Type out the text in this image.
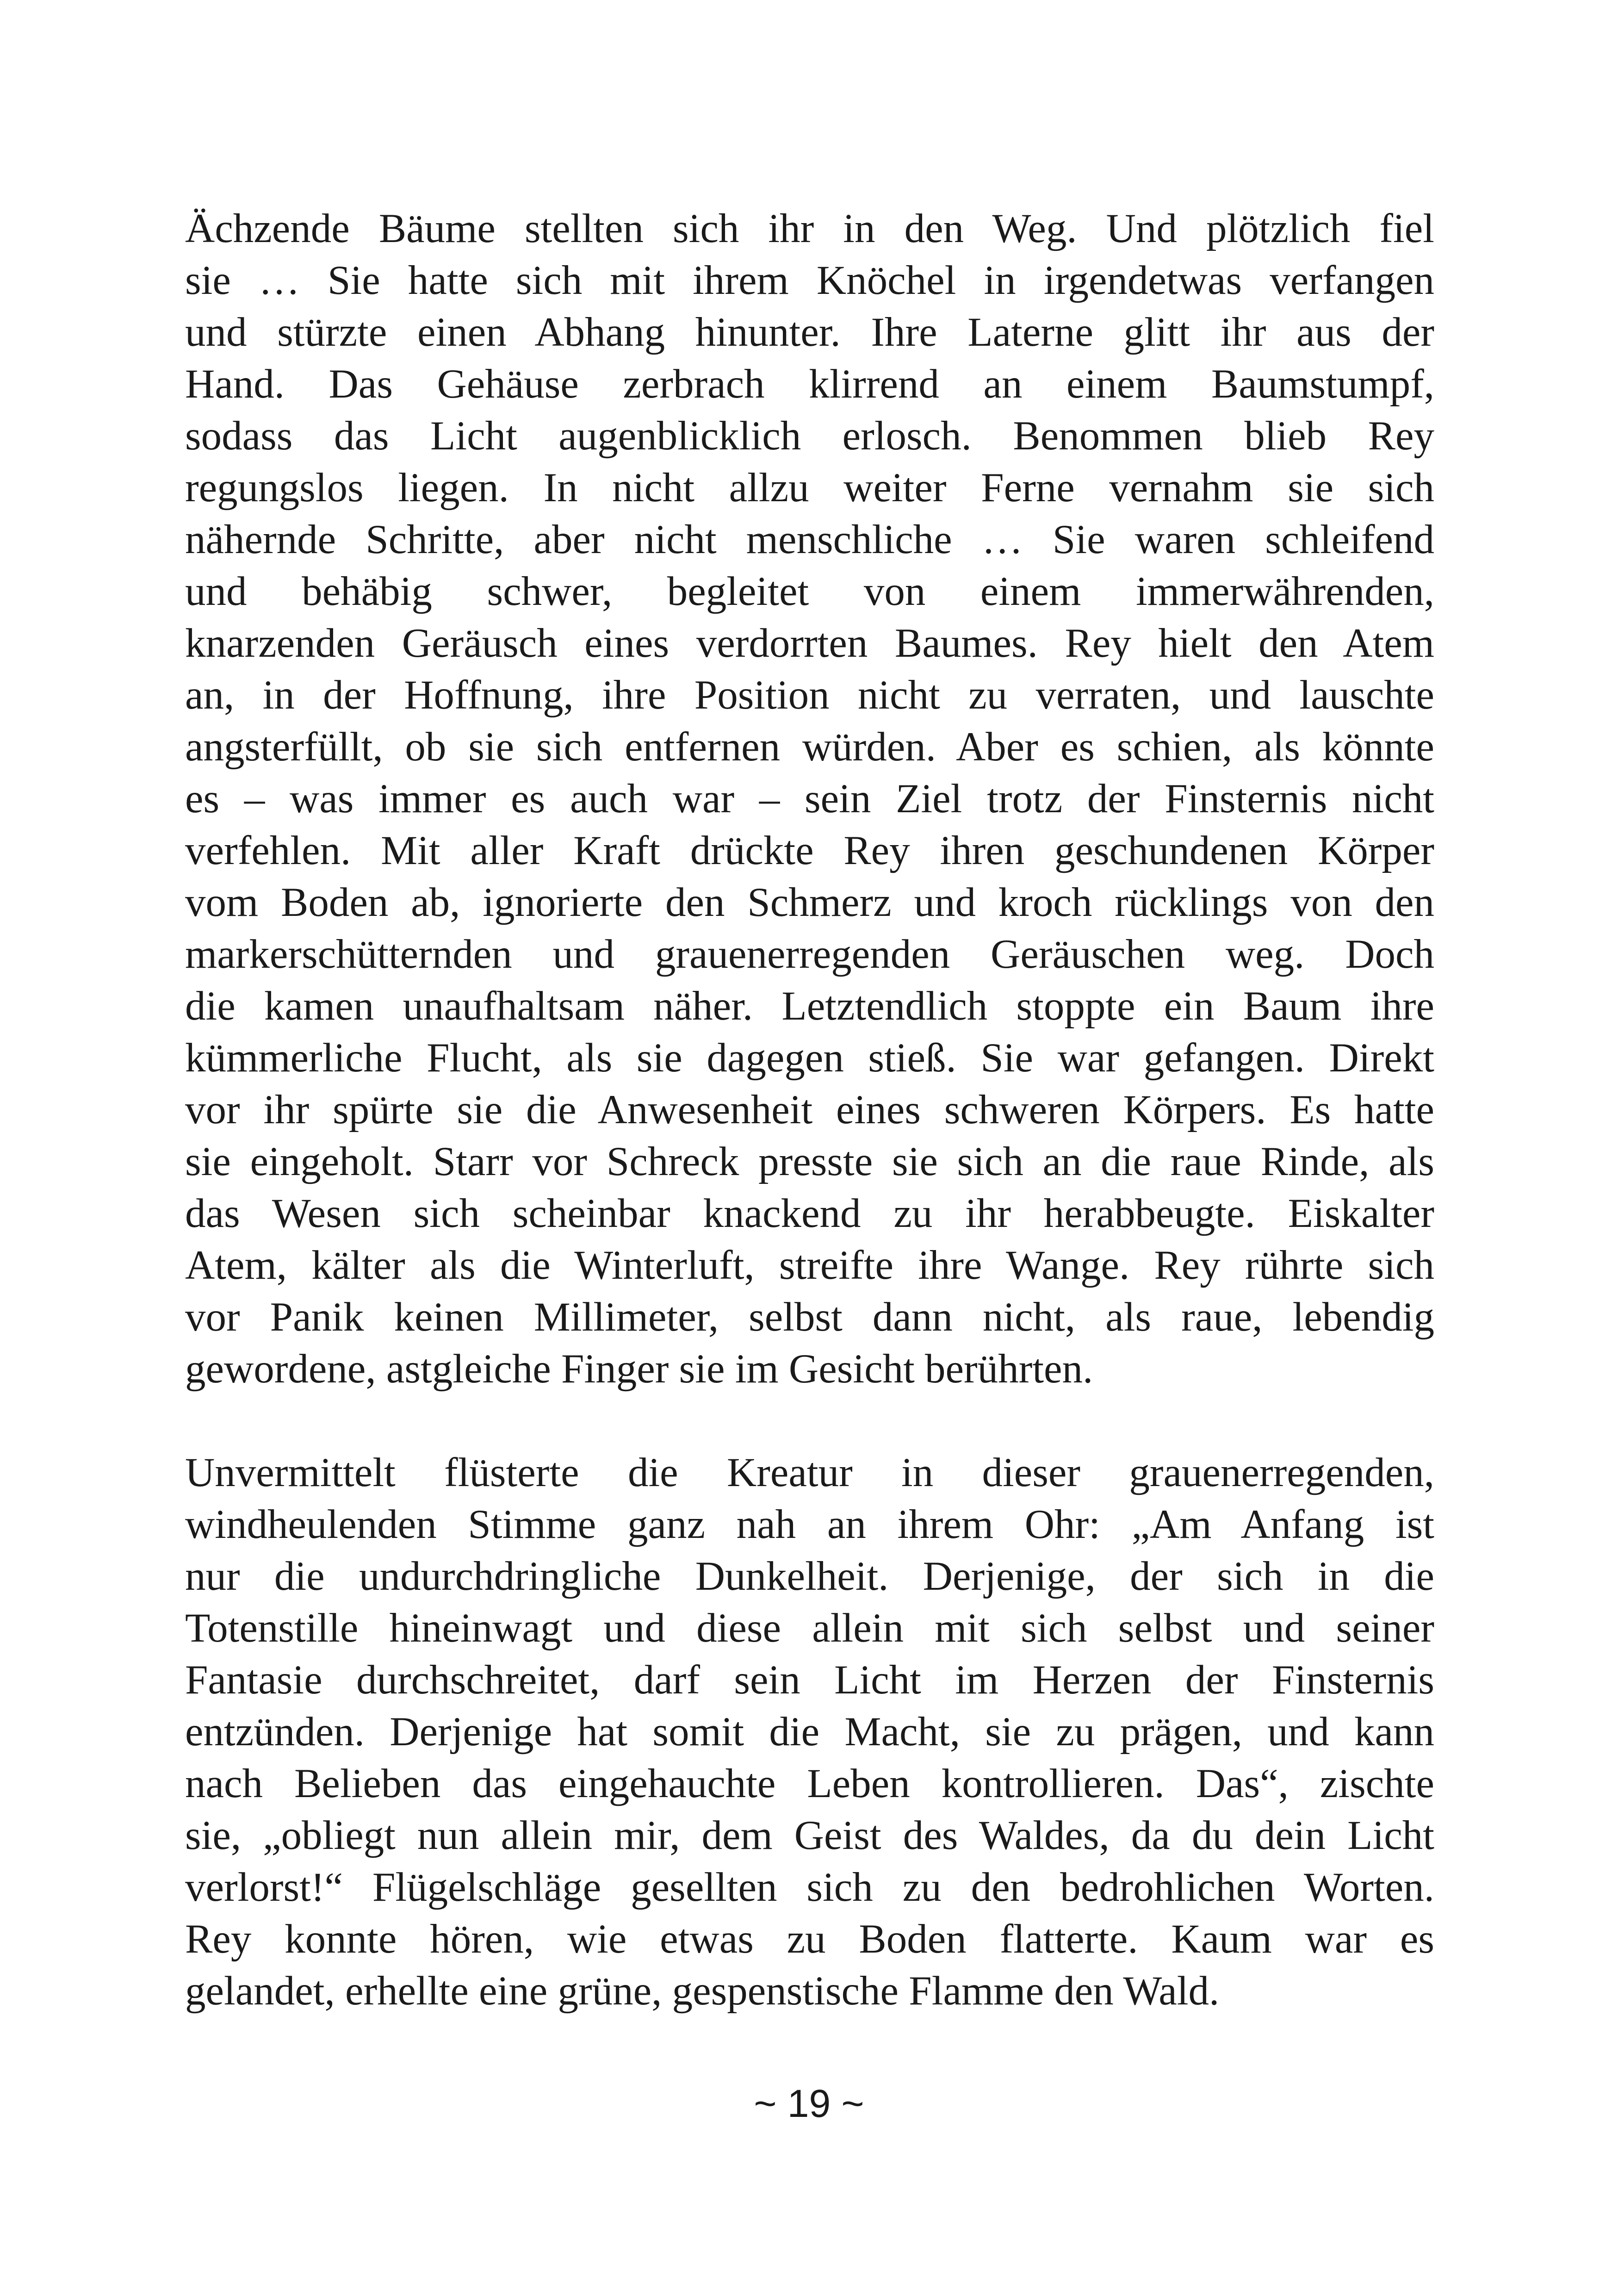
Ächzende Bäume stellten sich ihr in den Weg. Und plötzlich fiel
sie … Sie hatte sich mit ihrem Knöchel in irgendetwas verfangen
und stürzte einen Abhang hinunter. Ihre Laterne glitt ihr aus der
Hand. Das Gehäuse zerbrach klirrend an einem Baumstumpf,
sodass das Licht augenblicklich erlosch. Benommen blieb Rey
regungslos liegen. In nicht allzu weiter Ferne vernahm sie sich
nähernde Schritte, aber nicht menschliche … Sie waren schleifend
und behäbig schwer, begleitet von einem immerwährenden,
knarzenden Geräusch eines verdorrten Baumes. Rey hielt den Atem
an, in der Hoffnung, ihre Position nicht zu verraten, und lauschte
angsterfüllt, ob sie sich entfernen würden. Aber es schien, als könnte
es – was immer es auch war – sein Ziel trotz der Finsternis nicht
verfehlen. Mit aller Kraft drückte Rey ihren geschundenen Körper
vom Boden ab, ignorierte den Schmerz und kroch rücklings von den
markerschütternden und grauenerregenden Geräuschen weg. Doch
die kamen unaufhaltsam näher. Letztendlich stoppte ein Baum ihre
kümmerliche Flucht, als sie dagegen stieß. Sie war gefangen. Direkt
vor ihr spürte sie die Anwesenheit eines schweren Körpers. Es hatte
sie eingeholt. Starr vor Schreck presste sie sich an die raue Rinde, als
das Wesen sich scheinbar knackend zu ihr herabbeugte. Eiskalter
Atem, kälter als die Winterluft, streifte ihre Wange. Rey rührte sich
vor Panik keinen Millimeter, selbst dann nicht, als raue, lebendig
gewordene, astgleiche Finger sie im Gesicht berührten.
Unvermittelt flüsterte die Kreatur in dieser grauenerregenden,
windheulenden Stimme ganz nah an ihrem Ohr: „Am Anfang ist
nur die undurchdringliche Dunkelheit. Derjenige, der sich in die
Totenstille hineinwagt und diese allein mit sich selbst und seiner
Fantasie durchschreitet, darf sein Licht im Herzen der Finsternis
entzünden. Derjenige hat somit die Macht, sie zu prägen, und kann
nach Belieben das eingehauchte Leben kontrollieren. Das“, zischte
sie, „obliegt nun allein mir, dem Geist des Waldes, da du dein Licht
verlorst!“ Flügelschläge gesellten sich zu den bedrohlichen Worten.
Rey konnte hören, wie etwas zu Boden flatterte. Kaum war es
gelandet, erhellte eine grüne, gespenstische Flamme den Wald.
~ 19 ~
